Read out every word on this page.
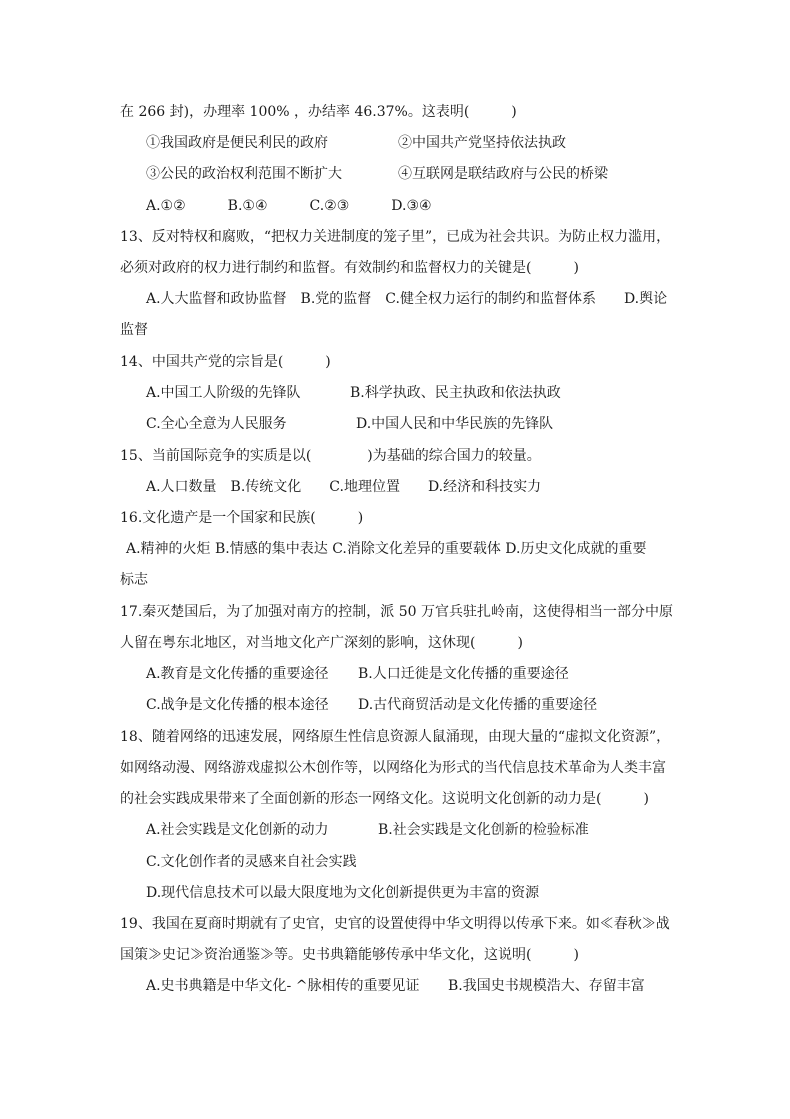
在 266 封)，办理率 100% ，办结率 46.37%。这表明(　　　)
①我国政府是便民利民的政府	②中国共产党坚持依法执政
③公民的政治权利范围不断扩大	④互联网是联结政府与公民的桥梁
A.①②　　　B.①④　　　C.②③　　　D.③④
13、反对特权和腐败，“把权力关进制度的笼子里”，已成为社会共识。为防止权力滥用，
必须对政府的权力进行制约和监督。有效制约和监督权力的关键是(　　　)
A.人大监督和政协监督　B.党的监督　C.健全权力运行的制约和监督体系　　D.舆论
监督
14、中国共产党的宗旨是(　　　)
A.中国工人阶级的先锋队	B.科学执政、民主执政和依法执政
C.全心全意为人民服务	D.中国人民和中华民族的先锋队
15、当前国际竞争的实质是以(　　　　)为基础的综合国力的较量。
A.人口数量　B.传统文化　　C.地理位置　　D.经济和科技实力
16.文化遗产是一个国家和民族(　　　)
A.精神的火炬 B.情感的集中表达 C.消除文化差异的重要载体 D.历史文化成就的重要
标志
17.秦灭楚国后，为了加强对南方的控制，派 50 万官兵驻扎岭南，这使得相当一部分中原
人留在粤东北地区，对当地文化产广深刻的影响，这休现(　　　)
A.教育是文化传播的重要途径 B.人口迁徙是文化传播的重要途径
C.战争是文化传播的根本途径 D.古代商贸活动是文化传播的重要途径
18、随着网络的迅速发展，网络原生性信息资源人鼠涌现，由现大量的“虚拟文化资源”，
如网络动漫、网络游戏虚拟公木创作等，以网络化为形式的当代信息技术革命为人类丰富
的社会实践成果带来了全面创新的形态一网络文化。这说明文化创新的动力是(　　　)
A.社会实践是文化创新的动力	B.社会实践是文化创新的检验标准
C.文化创作者的灵感来自社会实践
D.现代信息技术可以最大限度地为文化创新提供更为丰富的资源
19、我国在夏商时期就有了史官，史官的设置使得中华文明得以传承下来。如≪春秋≫战
国策≫史记≫资治通鉴≫等。史书典籍能够传承中华文化，这说明(　　　)
A.史书典籍是中华文化- ^脉相传的重要见证 B.我国史书规模浩大、存留丰富
